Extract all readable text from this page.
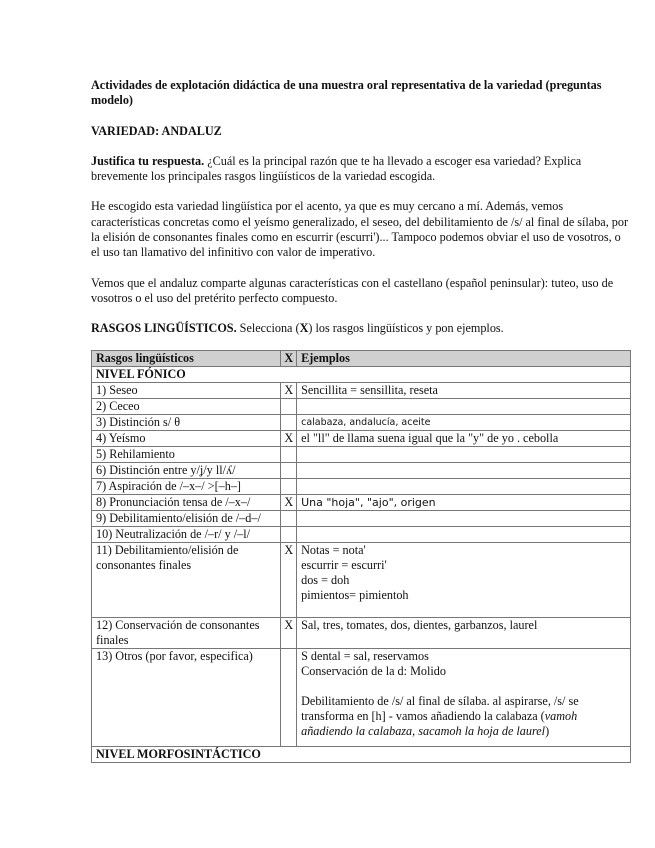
Actividades de explotación didáctica de una muestra oral representativa de la variedad (preguntas modelo)

VARIEDAD: ANDALUZ

Justifica tu respuesta. ¿Cuál es la principal razón que te ha llevado a escoger esa variedad? Explica brevemente los principales rasgos lingüísticos de la variedad escogida.

He escogido esta variedad lingüística por el acento, ya que es muy cercano a mí. Además, vemos características concretas como el yeísmo generalizado, el seseo, del debilitamiento de /s/ al final de sílaba, por la elisión de consonantes finales como en escurrir (escurri')... Tampoco podemos obviar el uso de vosotros, o el uso tan llamativo del infinitivo con valor de imperativo.

Vemos que el andaluz comparte algunas características con el castellano (español peninsular): tuteo, uso de vosotros o el uso del pretérito perfecto compuesto.

RASGOS LINGÜÍSTICOS. Selecciona (X) los rasgos lingüísticos y pon ejemplos.

Rasgos lingüísticos	X	Ejemplos
NIVEL FÓNICO		
1) Seseo	X	Sencillita = sensillita, reseta
2) Ceceo		
3) Distinción s/ θ		calabaza, andalucía, aceite
4) Yeísmo	X	el "ll" de llama suena igual que la "y" de yo . cebolla
5) Rehilamiento		
6) Distinción entre y/ʝ/y ll/ʎ/		
7) Aspiración de /–x–/ >[–h–]		
8) Pronunciación tensa de /–x–/	X	Una "hoja", "ajo", origen
9) Debilitamiento/elisión de /–d–/		
10) Neutralización de /–r/ y /–l/		
11) Debilitamiento/elisión de consonantes finales	X	Notas = nota'
escurrir = escurri'
dos = doh
pimientos= pimientoh

12) Conservación de consonantes finales	X	Sal, tres, tomates, dos, dientes, garbanzos, laurel
13) Otros (por favor, especifica)		S dental = sal, reservamos
Conservación de la d: Molido
Debilitamiento de /s/ al final de sílaba. al aspirarse, /s/ se transforma en [h] - vamos añadiendo la calabaza (vamoh añadiendo la calabaza, sacamoh la hoja de laurel)

NIVEL MORFOSINTÁCTICO		
